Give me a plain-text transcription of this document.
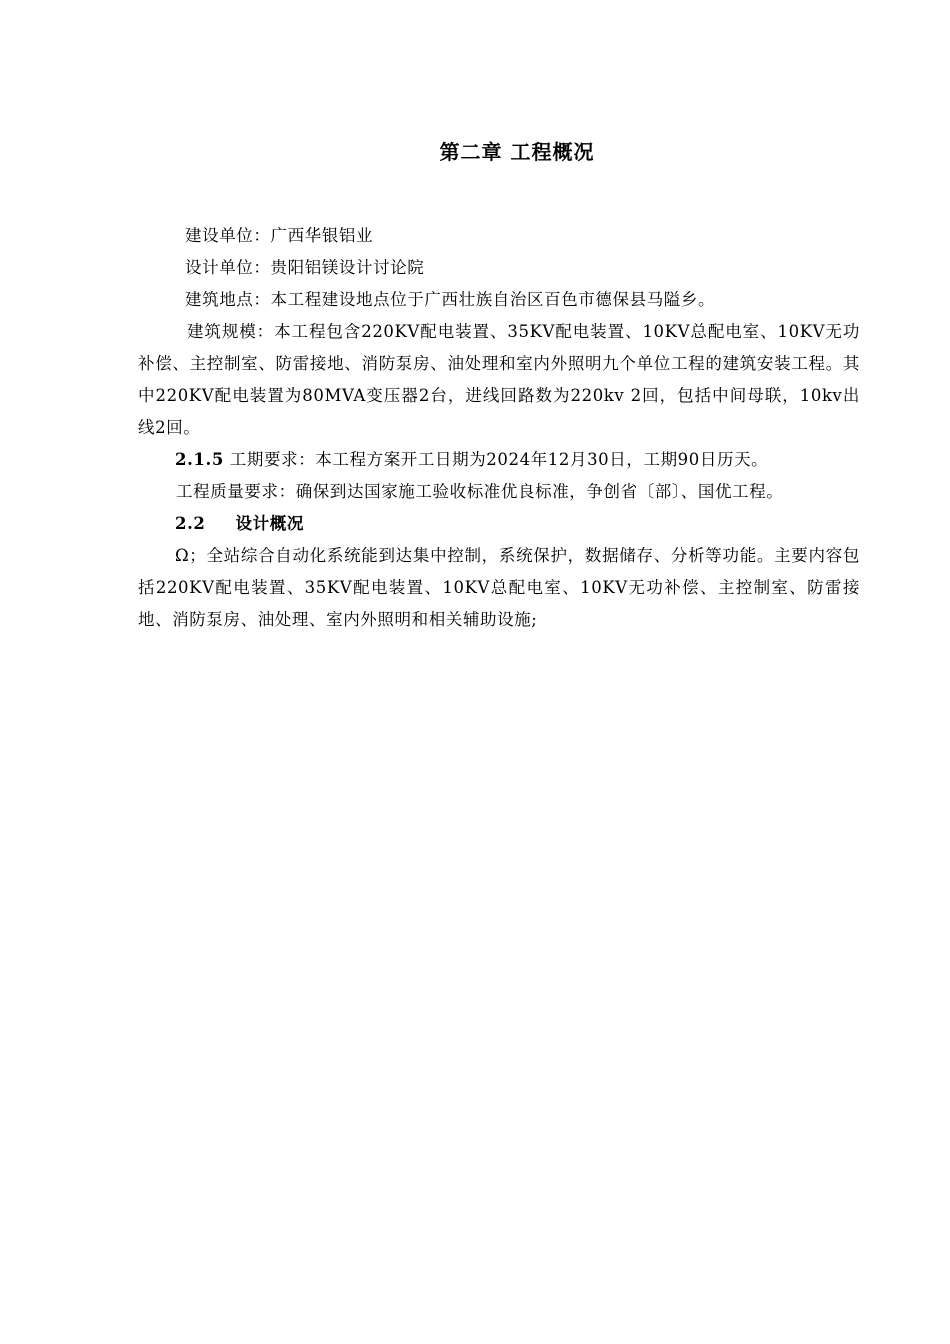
第二章 工程概况

建设单位：广西华银铝业

设计单位：贵阳铝镁设计讨论院

建筑地点：本工程建设地点位于广西壮族自治区百色市德保县马隘乡。

建筑规模：本工程包含220KV配电装置、35KV配电装置、10KV总配电室、10KV无功补偿、主控制室、防雷接地、消防泵房、油处理和室内外照明九个单位工程的建筑安装工程。其中220KV配电装置为80MVA变压器2台，进线回路数为220kv 2回，包括中间母联，10kv出线2回。

2.1.5 工期要求：本工程方案开工日期为2024年12月30日，工期90日历天。

工程质量要求：确保到达国家施工验收标准优良标准，争创省〔部〕、国优工程。

2.2 设计概况

Ω；全站综合自动化系统能到达集中控制，系统保护，数据储存、分析等功能。主要内容包括220KV配电装置、35KV配电装置、10KV总配电室、10KV无功补偿、主控制室、防雷接地、消防泵房、油处理、室内外照明和相关辅助设施;
